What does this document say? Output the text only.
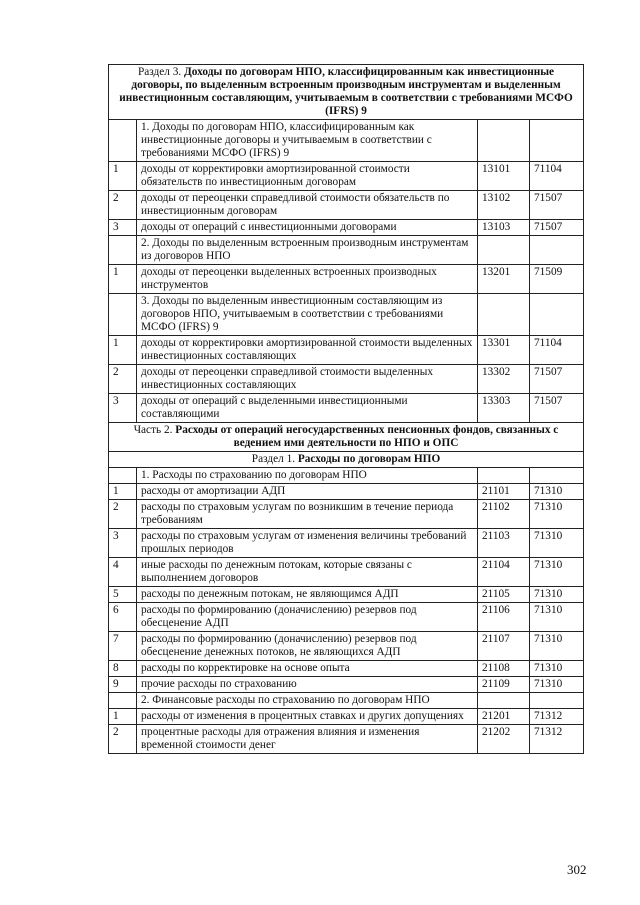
Раздел 3. Доходы по договорам НПО, классифицированным как инвестиционные договоры, по выделенным встроенным производным инструментам и выделенным инвестиционным составляющим, учитываемым в соответствии с требованиями МСФО (IFRS) 9			
	1. Доходы по договорам НПО, классифицированным как инвестиционные договоры и учитываемым в соответствии с требованиями МСФО (IFRS) 9		
1	доходы от корректировки амортизированной стоимости обязательств по инвестиционным договорам	13101	71104
2	доходы от переоценки справедливой стоимости обязательств по инвестиционным договорам	13102	71507
3	доходы от операций с инвестиционными договорами	13103	71507
	2. Доходы по выделенным встроенным производным инструментам из договоров НПО		
1	доходы от переоценки выделенных встроенных производных инструментов	13201	71509
	3. Доходы по выделенным инвестиционным составляющим из договоров НПО, учитываемым в соответствии с требованиями МСФО (IFRS) 9		
1	доходы от корректировки амортизированной стоимости выделенных инвестиционных составляющих	13301	71104
2	доходы от переоценки справедливой стоимости выделенных инвестиционных составляющих	13302	71507
3	доходы от операций с выделенными инвестиционными составляющими	13303	71507
Часть 2. Расходы от операций негосударственных пенсионных фондов, связанных с ведением ими деятельности по НПО и ОПС			
Раздел 1. Расходы по договорам НПО			
	1. Расходы по страхованию по договорам НПО		
1	расходы от амортизации АДП	21101	71310
2	расходы по страховым услугам по возникшим в течение периода требованиям	21102	71310
3	расходы по страховым услугам от изменения величины требований прошлых периодов	21103	71310
4	иные расходы по денежным потокам, которые связаны с выполнением договоров	21104	71310
5	расходы по денежным потокам, не являющимся АДП	21105	71310
6	расходы по формированию (доначислению) резервов под обесценение АДП	21106	71310
7	расходы по формированию (доначислению) резервов под обесценение денежных потоков, не являющихся АДП	21107	71310
8	расходы по корректировке на основе опыта	21108	71310
9	прочие расходы по страхованию	21109	71310
	2. Финансовые расходы по страхованию по договорам НПО		
1	расходы от изменения в процентных ставках и других допущениях	21201	71312
2	процентные расходы для отражения влияния и изменения временной стоимости денег	21202	71312
302
